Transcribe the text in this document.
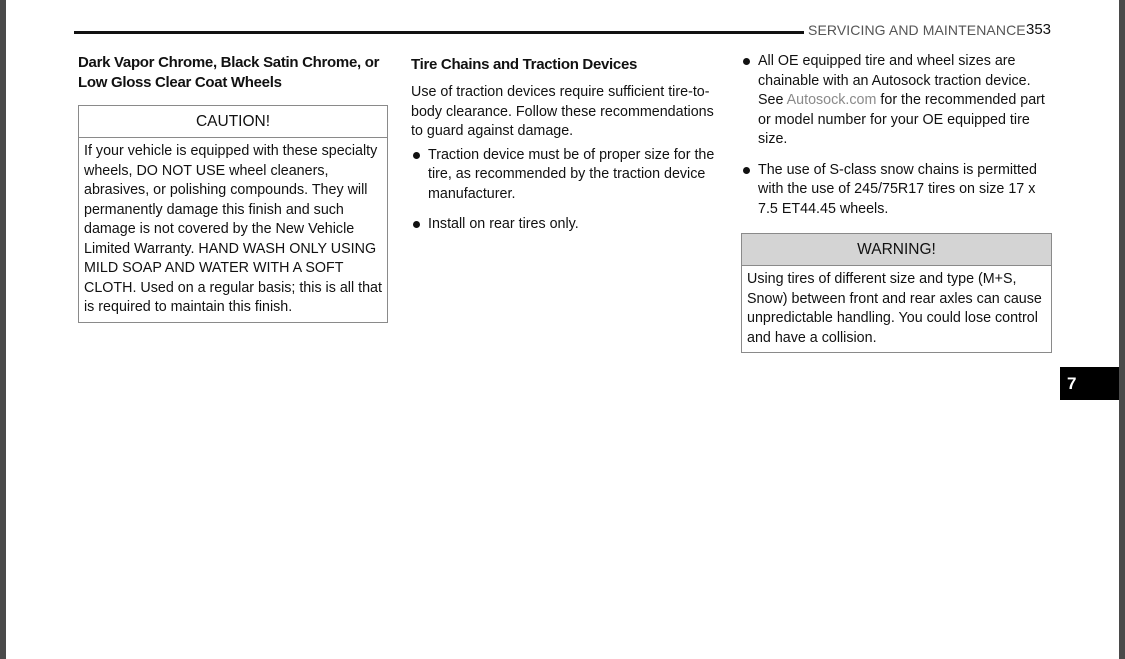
SERVICING AND MAINTENANCE 353
Dark Vapor Chrome, Black Satin Chrome, or
Low Gloss Clear Coat Wheels
CAUTION!
If your vehicle is equipped with these specialty wheels, DO NOT USE wheel cleaners, abrasives, or polishing compounds. They will permanently damage this finish and such damage is not covered by the New Vehicle Limited Warranty. HAND WASH ONLY USING MILD SOAP AND WATER WITH A SOFT CLOTH. Used on a regular basis; this is all that is required to maintain this finish.
Tire Chains and Traction Devices
Use of traction devices require sufficient tire-to-body clearance. Follow these recommendations to guard against damage.
Traction device must be of proper size for the tire, as recommended by the traction device manufacturer.
Install on rear tires only.
All OE equipped tire and wheel sizes are chainable with an Autosock traction device. See Autosock.com for the recommended part or model number for your OE equipped tire size.
The use of S-class snow chains is permitted with the use of 245/75R17 tires on size 17 x 7.5 ET44.45 wheels.
WARNING!
Using tires of different size and type (M+S, Snow) between front and rear axles can cause unpredictable handling. You could lose control and have a collision.
7
